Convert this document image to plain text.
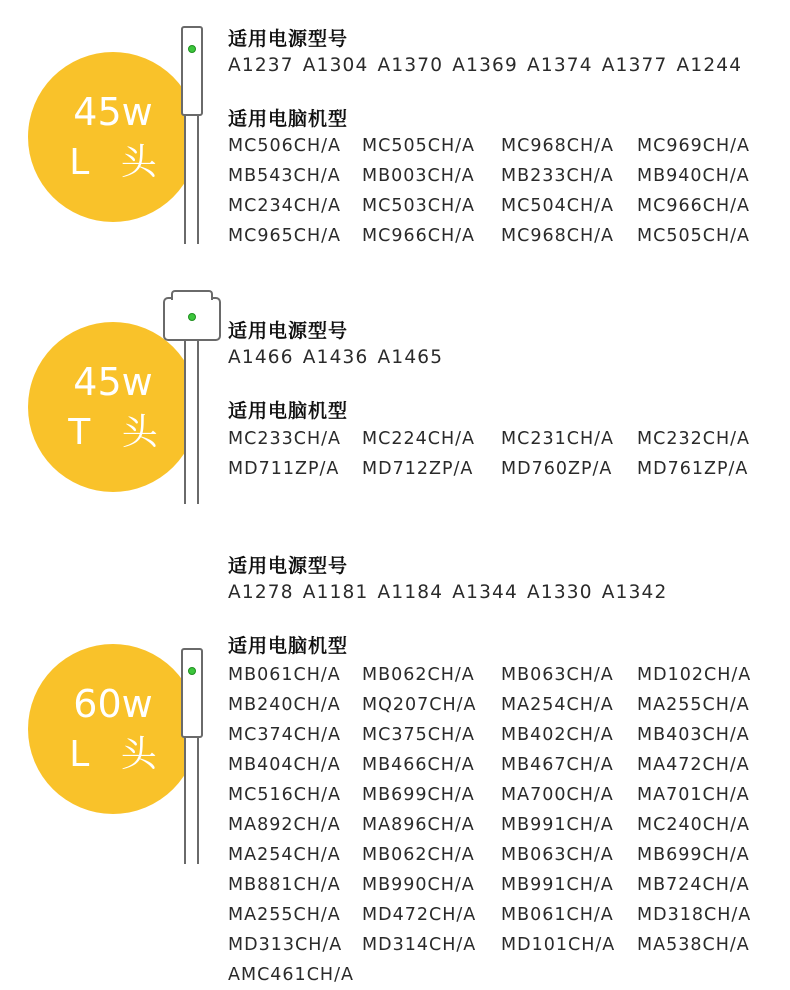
45w
L 头
适用电源型号
A1237 A1304 A1370 A1369 A1374 A1377 A1244
适用电脑机型
MC506CH/A	MC505CH/A	MC968CH/A	MC969CH/A
MB543CH/A	MB003CH/A	MB233CH/A	MB940CH/A
MC234CH/A	MC503CH/A	MC504CH/A	MC966CH/A
MC965CH/A	MC966CH/A	MC968CH/A	MC505CH/A
45w
T 头
适用电源型号
A1466 A1436 A1465
适用电脑机型
MC233CH/A	MC224CH/A	MC231CH/A	MC232CH/A
MD711ZP/A	MD712ZP/A	MD760ZP/A	MD761ZP/A
60w
L 头
适用电源型号
A1278 A1181 A1184 A1344 A1330 A1342
适用电脑机型
MB061CH/A	MB062CH/A	MB063CH/A	MD102CH/A
MB240CH/A	MQ207CH/A	MA254CH/A	MA255CH/A
MC374CH/A	MC375CH/A	MB402CH/A	MB403CH/A
MB404CH/A	MB466CH/A	MB467CH/A	MA472CH/A
MC516CH/A	MB699CH/A	MA700CH/A	MA701CH/A
MA892CH/A	MA896CH/A	MB991CH/A	MC240CH/A
MA254CH/A	MB062CH/A	MB063CH/A	MB699CH/A
MB881CH/A	MB990CH/A	MB991CH/A	MB724CH/A
MA255CH/A	MD472CH/A	MB061CH/A	MD318CH/A
MD313CH/A	MD314CH/A	MD101CH/A	MA538CH/A
AMC461CH/A
